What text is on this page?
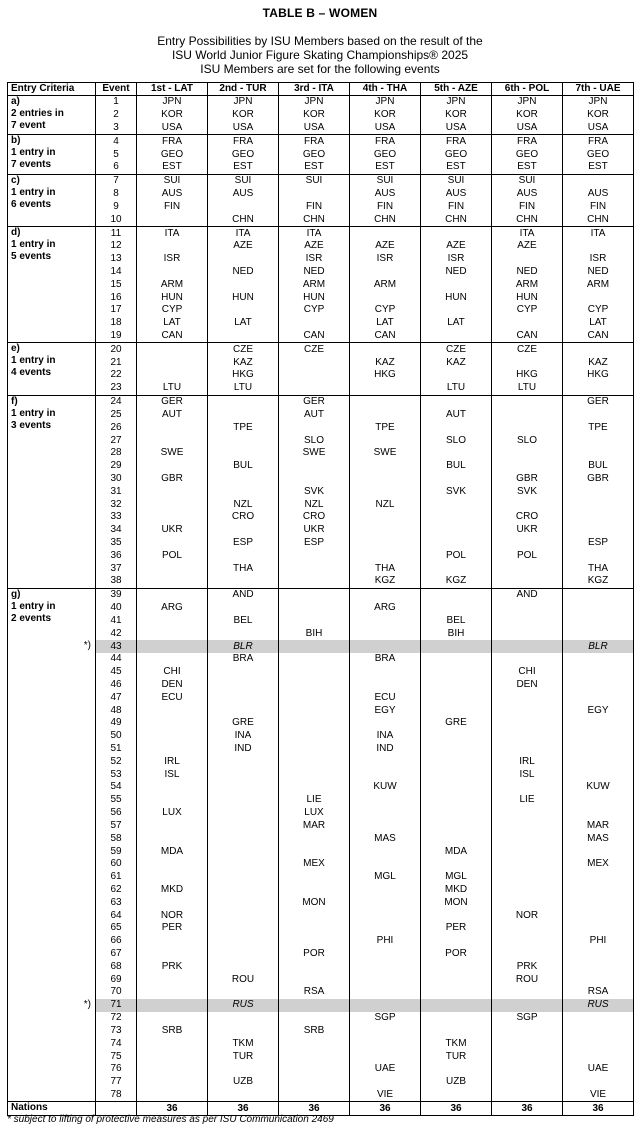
TABLE B – WOMEN
Entry Possibilities by ISU Members based on the result of the
ISU World Junior Figure Skating Championships® 2025
ISU Members are set for the following events
Entry Criteria	Event	1st - LAT	2nd - TUR	3rd - ITA	4th - THA	5th - AZE	6th - POL	7th - UAE

a)
2 entries in
7 event	1	JPN	JPN	JPN	JPN	JPN	JPN	JPN
	2	KOR	KOR	KOR	KOR	KOR	KOR	KOR
	3	USA	USA	USA	USA	USA	USA	USA

b)
1 entry in
7 events	4	FRA	FRA	FRA	FRA	FRA	FRA	FRA
	5	GEO	GEO	GEO	GEO	GEO	GEO	GEO
	6	EST	EST	EST	EST	EST	EST	EST

c)
1 entry in
6 events	7	SUI	SUI	SUI	SUI	SUI	SUI	
	8	AUS	AUS		AUS	AUS	AUS	AUS
	9	FIN		FIN	FIN	FIN	FIN	FIN
	10		CHN	CHN	CHN	CHN	CHN	CHN

d)
1 entry in
5 events	11	ITA	ITA	ITA			ITA	ITA
	12		AZE	AZE	AZE	AZE	AZE	
	13	ISR		ISR	ISR	ISR		ISR
	14		NED	NED		NED	NED	NED
	15	ARM		ARM	ARM		ARM	ARM
	16	HUN	HUN	HUN		HUN	HUN	
	17	CYP		CYP	CYP		CYP	CYP
	18	LAT	LAT		LAT	LAT		LAT
	19	CAN		CAN	CAN		CAN	CAN

e)
1 entry in
4 events	20		CZE	CZE		CZE	CZE	
	21		KAZ		KAZ	KAZ		KAZ
	22		HKG		HKG		HKG	HKG
	23	LTU	LTU			LTU	LTU	

f)
1 entry in
3 events	24	GER		GER				GER
	25	AUT		AUT		AUT		
	26		TPE		TPE			TPE
	27			SLO		SLO	SLO	
	28	SWE		SWE	SWE			
	29		BUL			BUL		BUL
	30	GBR					GBR	GBR
	31			SVK		SVK	SVK	
	32		NZL	NZL	NZL			
	33		CRO	CRO			CRO	
	34	UKR		UKR			UKR	
	35		ESP	ESP				ESP
	36	POL				POL	POL	
	37		THA		THA			THA
	38				KGZ	KGZ		KGZ

g)
1 entry in
2 events
*)
*)	39		AND				AND	
	40	ARG			ARG			
	41		BEL			BEL		
	42			BIH		BIH		
	43		BLR					BLR
	44		BRA		BRA			
	45	CHI					CHI	
	46	DEN					DEN	
	47	ECU			ECU			
	48				EGY			EGY
	49		GRE			GRE		
	50		INA		INA			
	51		IND		IND			
	52	IRL					IRL	
	53	ISL					ISL	
	54				KUW			KUW
	55			LIE			LIE	
	56	LUX		LUX				
	57			MAR				MAR
	58				MAS			MAS
	59	MDA				MDA		
	60			MEX				MEX
	61				MGL	MGL		
	62	MKD				MKD		
	63			MON		MON		
	64	NOR					NOR	
	65	PER				PER		
	66				PHI			PHI
	67			POR		POR		
	68	PRK					PRK	
	69		ROU				ROU	
	70			RSA				RSA
	71		RUS					RUS
	72				SGP		SGP	
	73	SRB		SRB				
	74		TKM			TKM		
	75		TUR			TUR		
	76				UAE			UAE
	77		UZB			UZB		
	78				VIE			VIE
Nations		36	36	36	36	36	36	36
* subject to lifting of protective measures as per ISU Communication 2469
